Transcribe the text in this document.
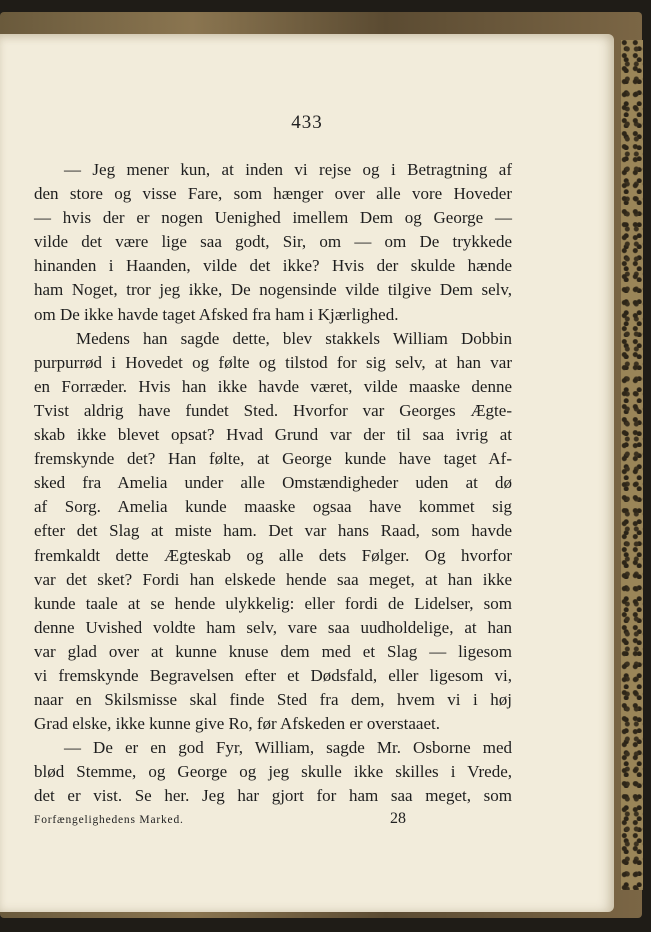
433
— Jeg mener kun, at inden vi rejse og i Betragtning af
den store og visse Fare, som hænger over alle vore Hoveder
— hvis der er nogen Uenighed imellem Dem og George —
vilde det være lige saa godt, Sir, om — om De trykkede
hinanden i Haanden, vilde det ikke? Hvis der skulde hænde
ham Noget, tror jeg ikke, De nogensinde vilde tilgive Dem selv,
om De ikke havde taget Afsked fra ham i Kjærlighed.
Medens han sagde dette, blev stakkels William Dobbin
purpurrød i Hovedet og følte og tilstod for sig selv, at han var
en Forræder. Hvis han ikke havde været, vilde maaske denne
Tvist aldrig have fundet Sted. Hvorfor var Georges Ægte-
skab ikke blevet opsat? Hvad Grund var der til saa ivrig at
fremskynde det? Han følte, at George kunde have taget Af-
sked fra Amelia under alle Omstændigheder uden at dø
af Sorg. Amelia kunde maaske ogsaa have kommet sig
efter det Slag at miste ham. Det var hans Raad, som havde
fremkaldt dette Ægteskab og alle dets Følger. Og hvorfor
var det sket? Fordi han elskede hende saa meget, at han ikke
kunde taale at se hende ulykkelig: eller fordi de Lidelser, som
denne Uvished voldte ham selv, vare saa uudholdelige, at han
var glad over at kunne knuse dem med et Slag — ligesom
vi fremskynde Begravelsen efter et Dødsfald, eller ligesom vi,
naar en Skilsmisse skal finde Sted fra dem, hvem vi i høj
Grad elske, ikke kunne give Ro, før Afskeden er overstaaet.
— De er en god Fyr, William, sagde Mr. Osborne med
blød Stemme, og George og jeg skulle ikke skilles i Vrede,
det er vist. Se her. Jeg har gjort for ham saa meget, som
Forfængelighedens Marked.	28
